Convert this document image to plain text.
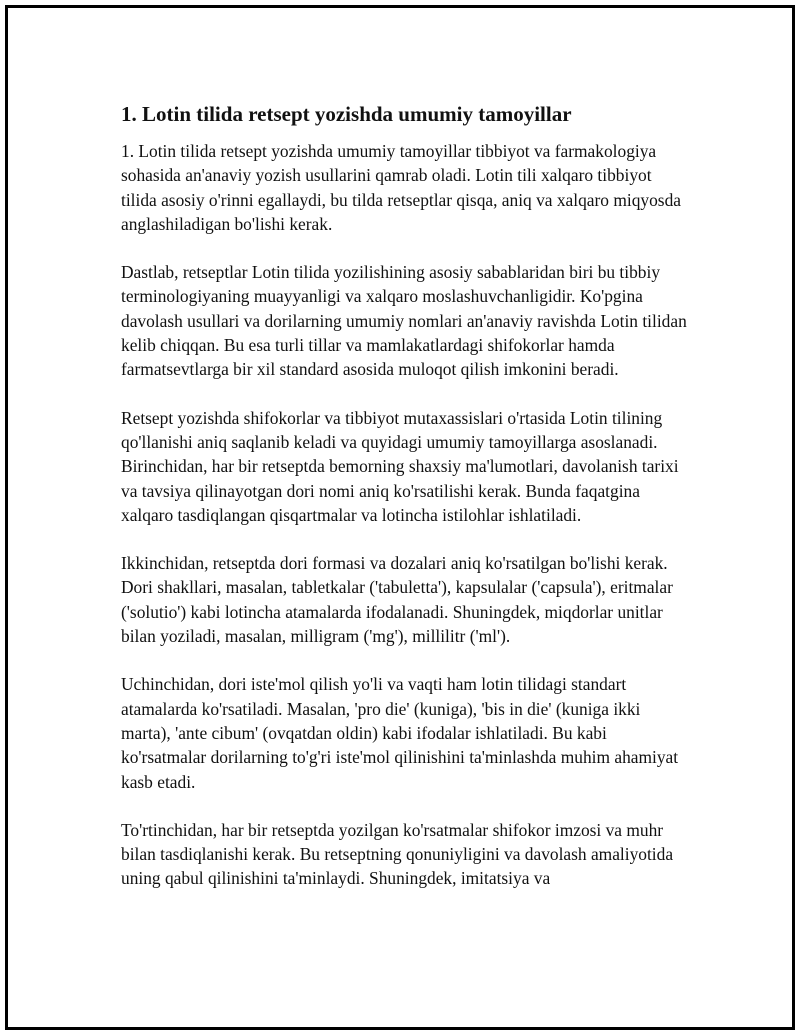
1. Lotin tilida retsept yozishda umumiy tamoyillar

1. Lotin tilida retsept yozishda umumiy tamoyillar tibbiyot va farmakologiya sohasida an'anaviy yozish usullarini qamrab oladi. Lotin tili xalqaro tibbiyot tilida asosiy o'rinni egallaydi, bu tilda retseptlar qisqa, aniq va xalqaro miqyosda anglashiladigan bo'lishi kerak.

Dastlab, retseptlar Lotin tilida yozilishining asosiy sabablaridan biri bu tibbiy terminologiyaning muayyanligi va xalqaro moslashuvchanligidir. Ko'pgina davolash usullari va dorilarning umumiy nomlari an'anaviy ravishda Lotin tilidan kelib chiqqan. Bu esa turli tillar va mamlakatlardagi shifokorlar hamda farmatsevtlarga bir xil standard asosida muloqot qilish imkonini beradi.

Retsept yozishda shifokorlar va tibbiyot mutaxassislari o'rtasida Lotin tilining qo'llanishi aniq saqlanib keladi va quyidagi umumiy tamoyillarga asoslanadi. Birinchidan, har bir retseptda bemorning shaxsiy ma'lumotlari, davolanish tarixi va tavsiya qilinayotgan dori nomi aniq ko'rsatilishi kerak. Bunda faqatgina xalqaro tasdiqlangan qisqartmalar va lotincha istilohlar ishlatiladi.

Ikkinchidan, retseptda dori formasi va dozalari aniq ko'rsatilgan bo'lishi kerak. Dori shakllari, masalan, tabletkalar ('tabuletta'), kapsulalar ('capsula'), eritmalar ('solutio') kabi lotincha atamalarda ifodalanadi. Shuningdek, miqdorlar unitlar bilan yoziladi, masalan, milligram ('mg'), millilitr ('ml').

Uchinchidan, dori iste'mol qilish yo'li va vaqti ham lotin tilidagi standart atamalarda ko'rsatiladi. Masalan, 'pro die' (kuniga), 'bis in die' (kuniga ikki marta), 'ante cibum' (ovqatdan oldin) kabi ifodalar ishlatiladi. Bu kabi ko'rsatmalar dorilarning to'g'ri iste'mol qilinishini ta'minlashda muhim ahamiyat kasb etadi.

To'rtinchidan, har bir retseptda yozilgan ko'rsatmalar shifokor imzosi va muhr bilan tasdiqlanishi kerak. Bu retseptning qonuniyligini va davolash amaliyotida uning qabul qilinishini ta'minlaydi. Shuningdek, imitatsiya va
